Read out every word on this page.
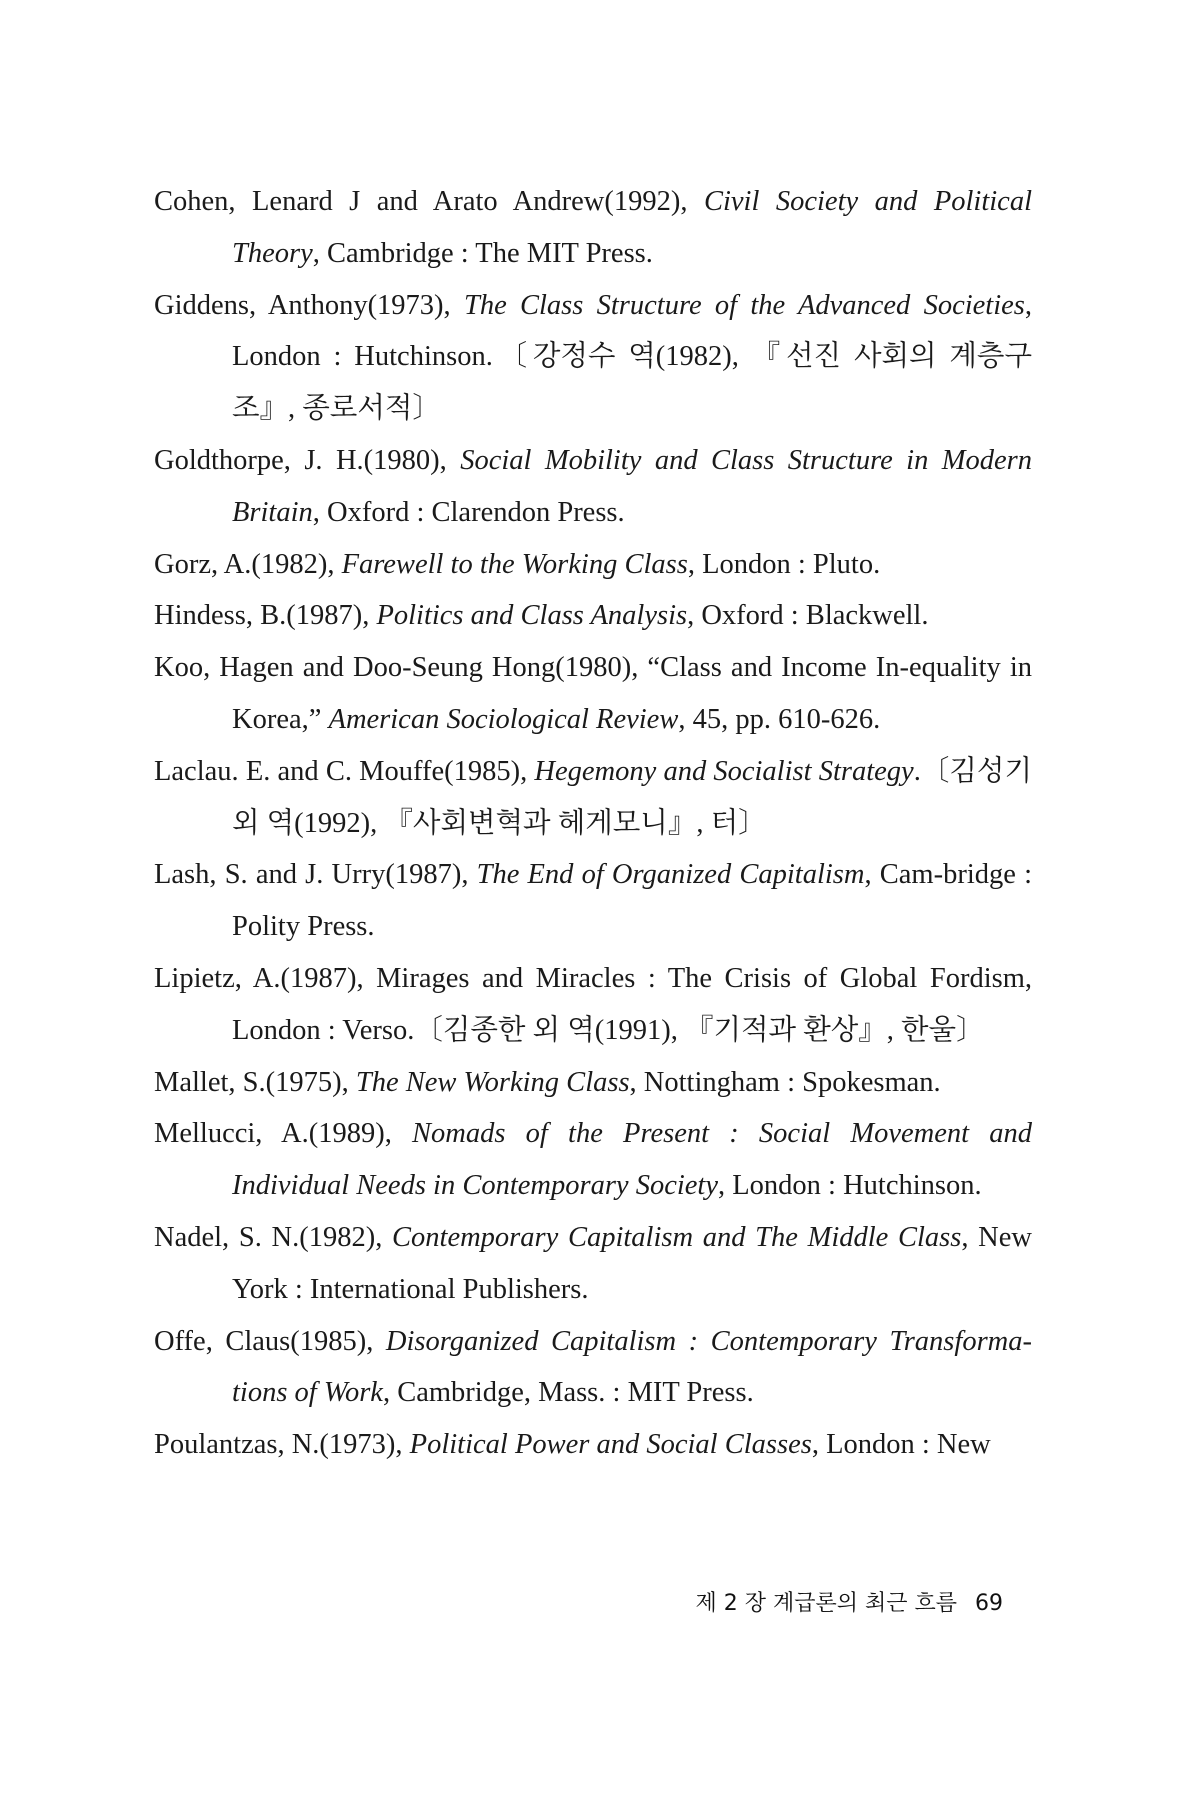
Cohen, Lenard J and Arato Andrew(1992), Civil Society and Political Theory, Cambridge : The MIT Press.

Giddens, Anthony(1973), The Class Structure of the Advanced Societies, London : Hutchinson.〔강정수 역(1982), 『선진 사회의 계층구조』, 종로서적〕

Goldthorpe, J. H.(1980), Social Mobility and Class Structure in Modern Britain, Oxford : Clarendon Press.

Gorz, A.(1982), Farewell to the Working Class, London : Pluto.

Hindess, B.(1987), Politics and Class Analysis, Oxford : Blackwell.

Koo, Hagen and Doo-Seung Hong(1980), “Class and Income In-equality in Korea,” American Sociological Review, 45, pp. 610-626.

Laclau. E. and C. Mouffe(1985), Hegemony and Socialist Strategy.〔김성기외 역(1992), 『사회변혁과 헤게모니』, 터〕

Lash, S. and J. Urry(1987), The End of Organized Capitalism, Cam-bridge : Polity Press.

Lipietz, A.(1987), Mirages and Miracles : The Crisis of Global Fordism, London : Verso.〔김종한 외 역(1991), 『기적과 환상』, 한울〕

Mallet, S.(1975), The New Working Class, Nottingham : Spokesman.

Mellucci, A.(1989), Nomads of the Present : Social Movement and Individual Needs in Contemporary Society, London : Hutchinson.

Nadel, S. N.(1982), Contemporary Capitalism and The Middle Class, New York : International Publishers.

Offe, Claus(1985), Disorganized Capitalism : Contemporary Transforma-tions of Work, Cambridge, Mass. : MIT Press.

Poulantzas, N.(1973), Political Power and Social Classes, London : New

제 2 장 계급론의 최근 흐름 69
